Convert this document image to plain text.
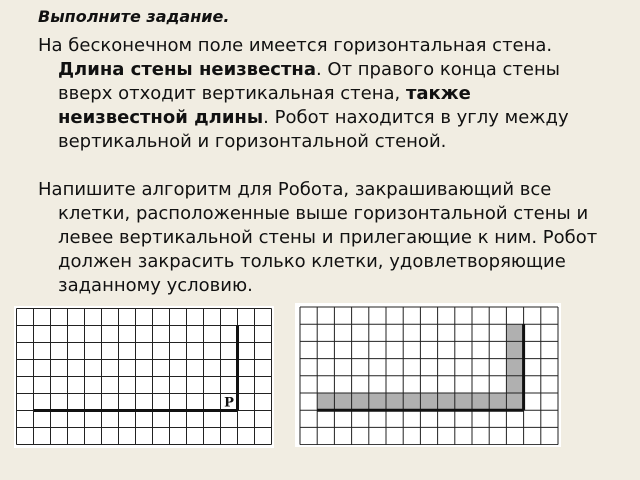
Выполните задание.
На бесконечном поле имеется горизонтальная стена. Длина стены неизвестна. От правого конца стены вверх отходит вертикальная стена, также неизвестной длины. Робот находится в углу между вертикальной и горизонтальной стеной.
Напишите алгоритм для Робота, закрашивающий все клетки, расположенные выше горизонтальной стены и левее вертикальной стены и прилегающие к ним. Робот должен закрасить только клетки, удовлетворяющие заданному условию.
Р
